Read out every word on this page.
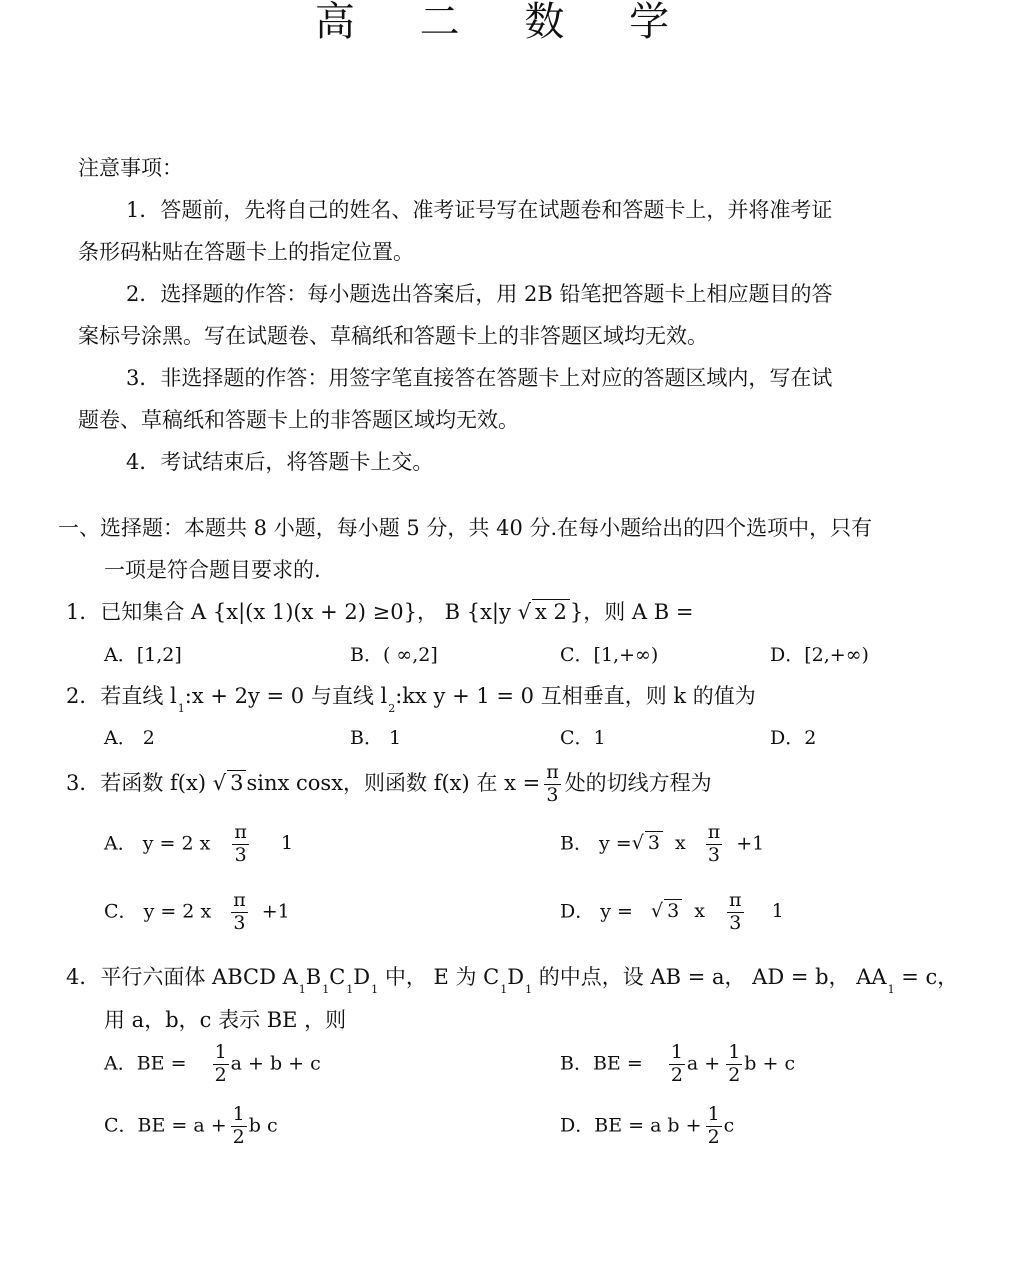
高 二 数 学
注意事项：
1．答题前，先将自己的姓名、准考证号写在试题卷和答题卡上，并将准考证
条形码粘贴在答题卡上的指定位置。
2．选择题的作答：每小题选出答案后，用 2B 铅笔把答题卡上相应题目的答
案标号涂黑。写在试题卷、草稿纸和答题卡上的非答题区域均无效。
3．非选择题的作答：用签字笔直接答在答题卡上对应的答题区域内，写在试
题卷、草稿纸和答题卡上的非答题区域均无效。
4．考试结束后，将答题卡上交。
一、选择题：本题共 8 小题，每小题 5 分，共 40 分.在每小题给出的四个选项中，只有
一项是符合题目要求的.
1．已知集合 A {x|(x 1)(x + 2) ≥0}， B {x|y √ x 2 }，则 A B =
A．[1,2]	B．( ∞,2]	C．[1,+∞)	D．[2,+∞)
2．若直线 $l_1:x + 2y = 0$ 与直线 $l_2:kx$ y + 1 = 0 互相垂直，则 k 的值为
A． 2	B． 1	C．1	D．2
3．若函数 f(x) √ 3 sinx cosx，则函数 f(x) 在 $x = \frac{\pi}{3}$ 处的切线方程为
A． y = 2 x $\frac{\pi}{3} 1$	B． y =√ 3 x $\frac{\pi}{3} +1$
C． y = 2 x $\frac{\pi}{3} +1$	D． y = √ 3 x $\frac{\pi}{3} 1$
4．平行六面体 ABCD $A_1B_1C_1D_1$ 中， E 为 $C_1D_1$ 的中点，设 AB = a， AD = b， $AA_1 = c$，
用 a，b，c 表示 BE ，则
A．BE = $\frac{1}{2}$ a + b + c	B．BE = $\frac{1}{2}$ $a + \frac{1}{2}$ b + c
C．BE = $a + \frac{1}{2}$ b c	D．BE = a $b + \frac{1}{2}$ c
